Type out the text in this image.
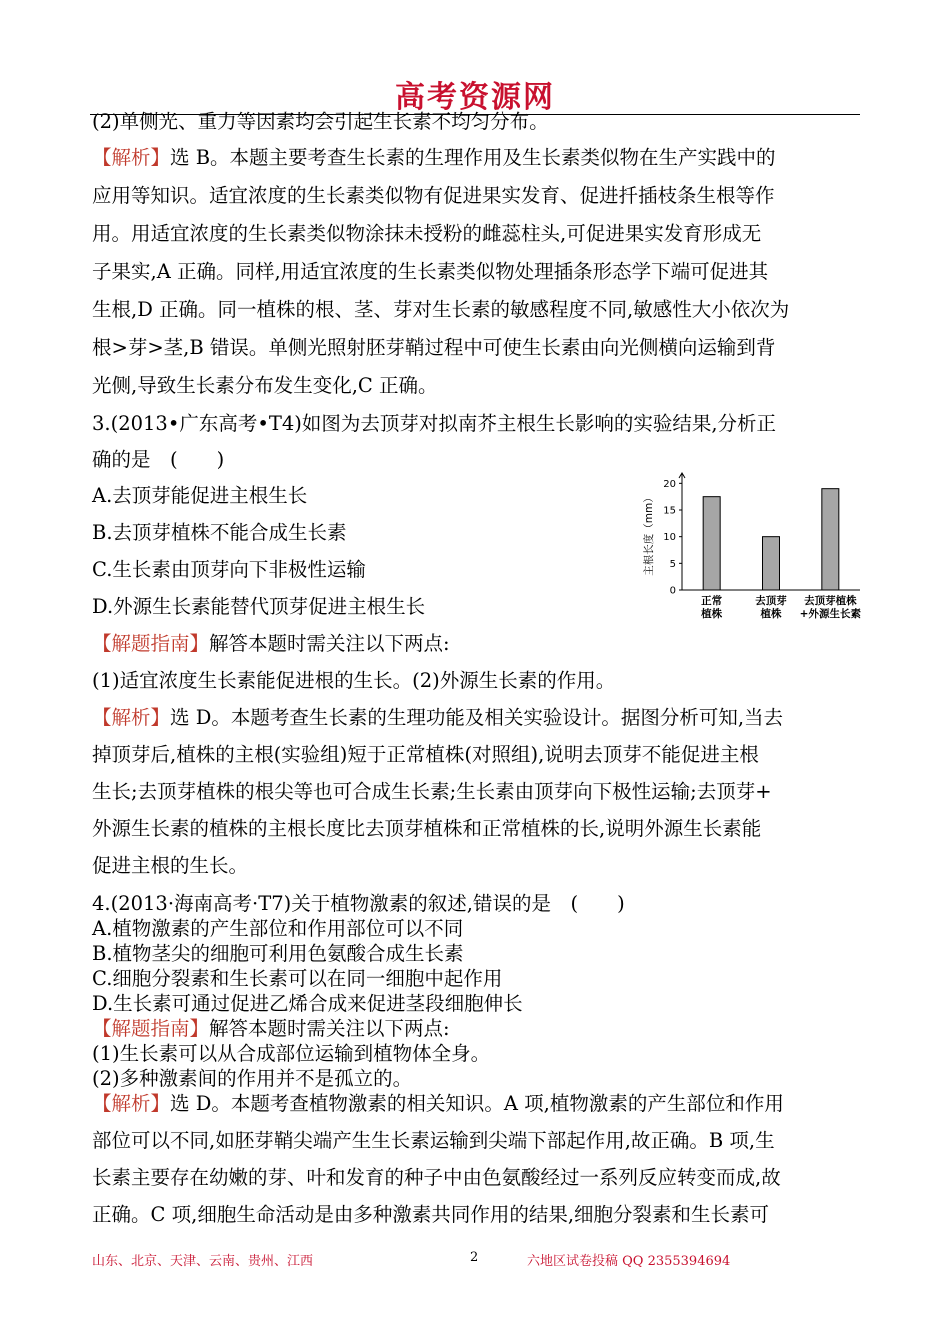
高考资源网
(2)单侧光、重力等因素均会引起生长素不均匀分布。
【解析】选 B。本题主要考查生长素的生理作用及生长素类似物在生产实践中的
应用等知识。适宜浓度的生长素类似物有促进果实发育、促进扦插枝条生根等作
用。用适宜浓度的生长素类似物涂抹未授粉的雌蕊柱头,可促进果实发育形成无
子果实,A 正确。同样,用适宜浓度的生长素类似物处理插条形态学下端可促进其
生根,D 正确。同一植株的根、茎、芽对生长素的敏感程度不同,敏感性大小依次为
根>芽>茎,B 错误。单侧光照射胚芽鞘过程中可使生长素由向光侧横向运输到背
光侧,导致生长素分布发生变化,C 正确。
3.(2013•广东高考•T4)如图为去顶芽对拟南芥主根生长影响的实验结果,分析正
确的是　(　　)
A.去顶芽能促进主根生长
B.去顶芽植株不能合成生长素
C.生长素由顶芽向下非极性运输
D.外源生长素能替代顶芽促进主根生长
【解题指南】解答本题时需关注以下两点:
(1)适宜浓度生长素能促进根的生长。(2)外源生长素的作用。
【解析】选 D。本题考查生长素的生理功能及相关实验设计。据图分析可知,当去
掉顶芽后,植株的主根(实验组)短于正常植株(对照组),说明去顶芽不能促进主根
生长;去顶芽植株的根尖等也可合成生长素;生长素由顶芽向下极性运输;去顶芽+
外源生长素的植株的主根长度比去顶芽植株和正常植株的长,说明外源生长素能
促进主根的生长。
4.(2013·海南高考·T7)关于植物激素的叙述,错误的是　(　　)
A.植物激素的产生部位和作用部位可以不同
B.植物茎尖的细胞可利用色氨酸合成生长素
C.细胞分裂素和生长素可以在同一细胞中起作用
D.生长素可通过促进乙烯合成来促进茎段细胞伸长
【解题指南】解答本题时需关注以下两点:
(1)生长素可以从合成部位运输到植物体全身。
(2)多种激素间的作用并不是孤立的。
【解析】选 D。本题考查植物激素的相关知识。A 项,植物激素的产生部位和作用
部位可以不同,如胚芽鞘尖端产生生长素运输到尖端下部起作用,故正确。B 项,生
长素主要存在幼嫩的芽、叶和发育的种子中由色氨酸经过一系列反应转变而成,故
正确。C 项,细胞生命活动是由多种激素共同作用的结果,细胞分裂素和生长素可
0
5
10
15
20
主根长度（mm）
正常
植株
去顶芽
植株
去顶芽植株
+外源生长素
山东、北京、天津、云南、贵州、江西	2	六地区试卷投稿 QQ 2355394694
